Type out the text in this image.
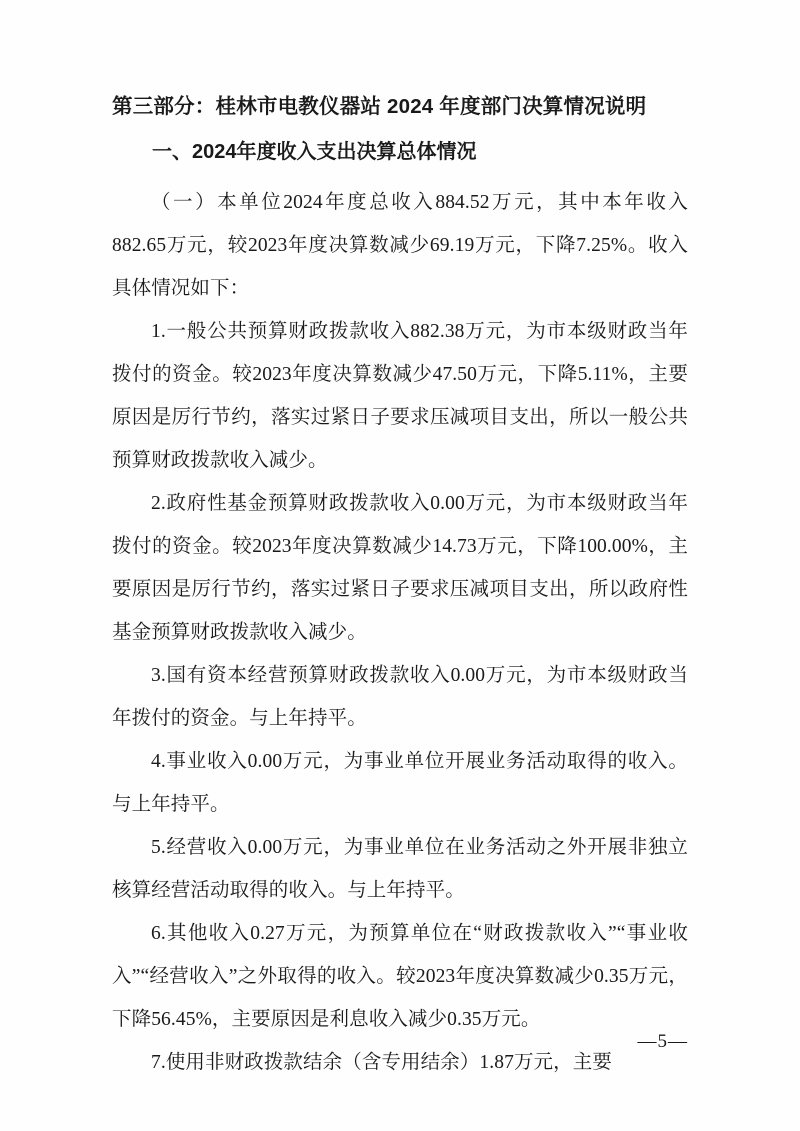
第三部分：桂林市电教仪器站 2024 年度部门决算情况说明
一、2024年度收入支出决算总体情况

（一）本单位2024年度总收入884.52万元，其中本年收入882.65万元，较2023年度决算数减少69.19万元，下降7.25%。收入具体情况如下：

1.一般公共预算财政拨款收入882.38万元，为市本级财政当年拨付的资金。较2023年度决算数减少47.50万元，下降5.11%，主要原因是厉行节约，落实过紧日子要求压减项目支出，所以一般公共预算财政拨款收入减少。

2.政府性基金预算财政拨款收入0.00万元，为市本级财政当年拨付的资金。较2023年度决算数减少14.73万元，下降100.00%，主要原因是厉行节约，落实过紧日子要求压减项目支出，所以政府性基金预算财政拨款收入减少。

3.国有资本经营预算财政拨款收入0.00万元，为市本级财政当年拨付的资金。与上年持平。

4.事业收入0.00万元，为事业单位开展业务活动取得的收入。与上年持平。

5.经营收入0.00万元，为事业单位在业务活动之外开展非独立核算经营活动取得的收入。与上年持平。

6.其他收入0.27万元，为预算单位在“财政拨款收入”“事业收入”“经营收入”之外取得的收入。较2023年度决算数减少0.35万元，下降56.45%，主要原因是利息收入减少0.35万元。

7.使用非财政拨款结余（含专用结余）1.87万元，主要

—5—
